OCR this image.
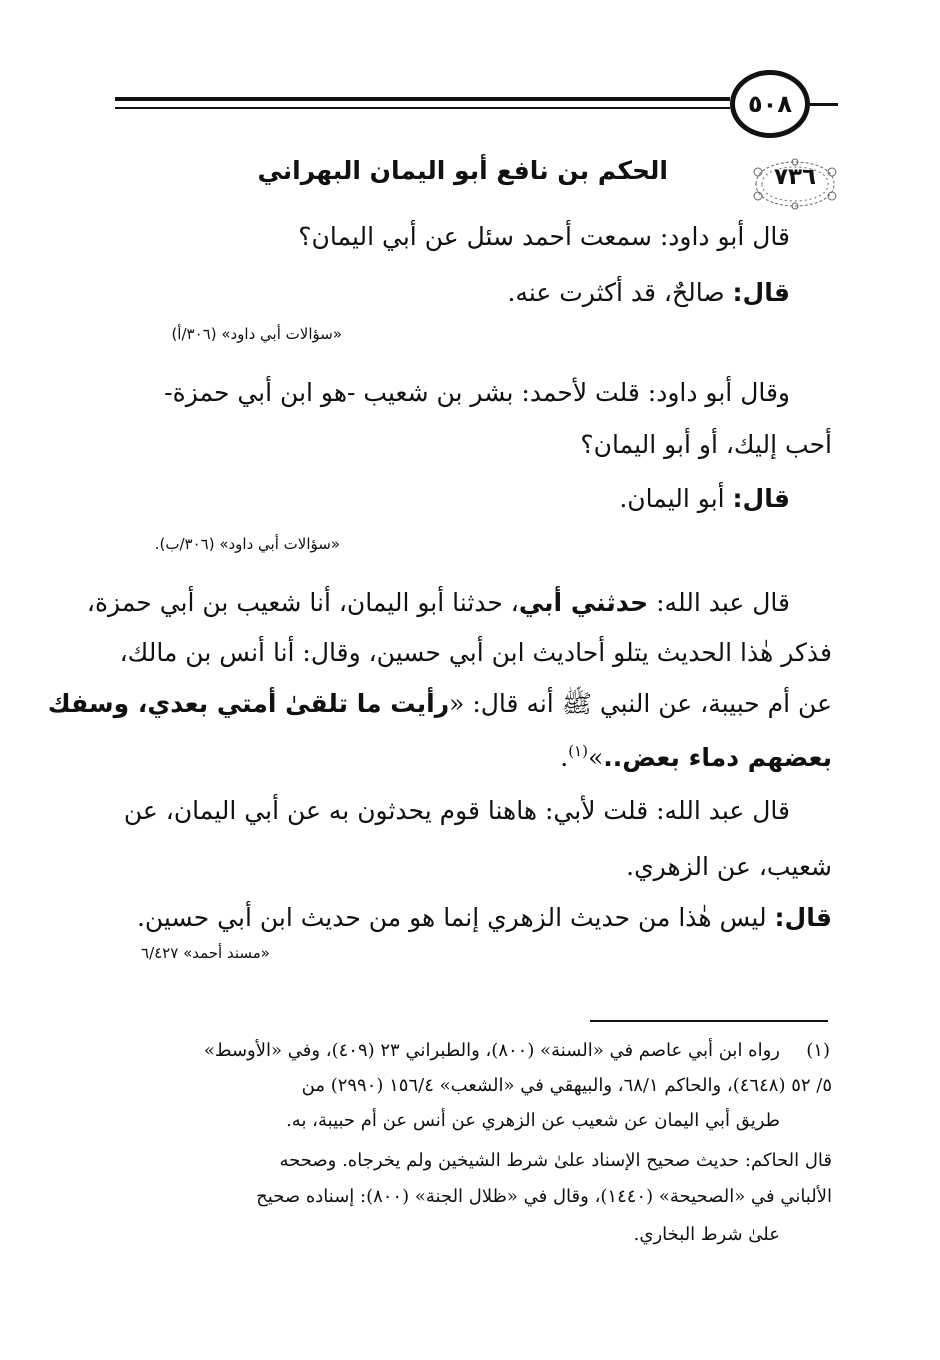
٥٠٨
٧٣٦
الحكم بن نافع أبو اليمان البهراني
قال أبو داود: سمعت أحمد سئل عن أبي اليمان؟
قال: صالحٌ، قد أكثرت عنه.
«سؤالات أبي داود» (٣٠٦/أ)
وقال أبو داود: قلت لأحمد: بشر بن شعيب -هو ابن أبي حمزة-
أحب إليك، أو أبو اليمان؟
قال: أبو اليمان.
«سؤالات أبي داود» (٣٠٦/ب).
قال عبد الله: حدثني أبي، حدثنا أبو اليمان، أنا شعيب بن أبي حمزة،
فذكر هٰذا الحديث يتلو أحاديث ابن أبي حسين، وقال: أنا أنس بن مالك،
عن أم حبيبة، عن النبي ﷺ أنه قال: «رأيت ما تلقىٰ أمتي بعدي، وسفك
بعضهم دماء بعض..»$^{(١)}$.
قال عبد الله: قلت لأبي: هاهنا قوم يحدثون به عن أبي اليمان، عن
شعيب، عن الزهري.
قال: ليس هٰذا من حديث الزهري إنما هو من حديث ابن أبي حسين.
«مسند أحمد» ٦/٤٢٧
(١)
رواه ابن أبي عاصم في «السنة» (٨٠٠)، والطبراني ٢٣ (٤٠٩)، وفي «الأوسط»
٥/ ٥٢ (٤٦٤٨)، والحاكم ٦٨/١، والبيهقي في «الشعب» ١٥٦/٤ (٢٩٩٠) من
طريق أبي اليمان عن شعيب عن الزهري عن أنس عن أم حبيبة، به.
قال الحاكم: حديث صحيح الإسناد علىٰ شرط الشيخين ولم يخرجاه. وصححه
الألباني في «الصحيحة» (١٤٤٠)، وقال في «ظلال الجنة» (٨٠٠): إسناده صحيح
علىٰ شرط البخاري.
